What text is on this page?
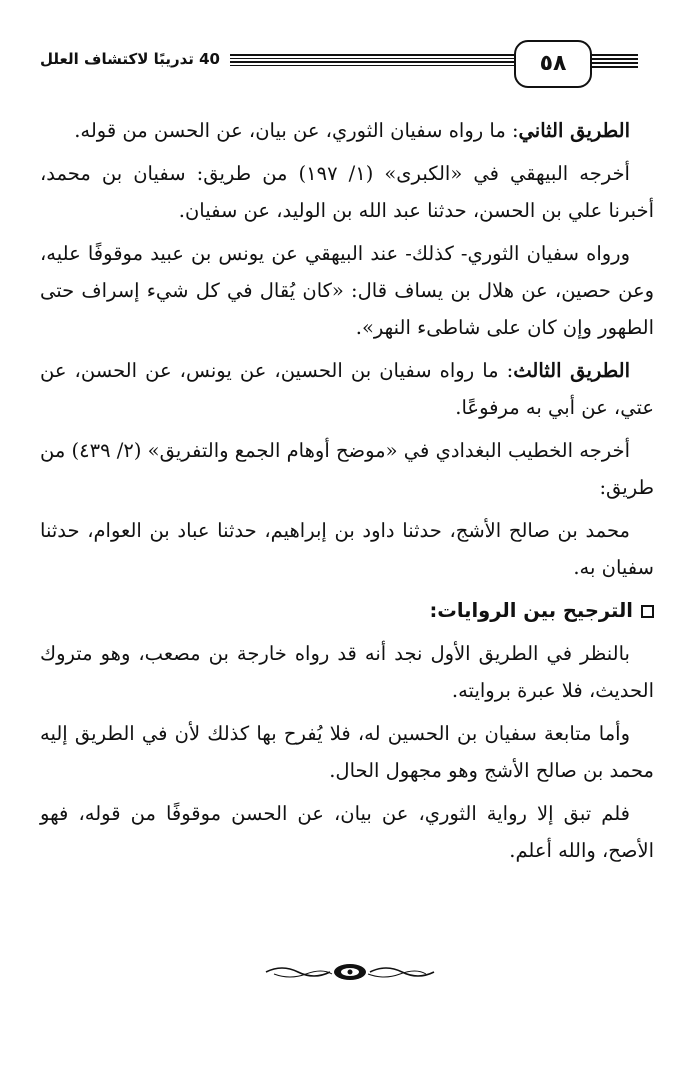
40 تدريبًا لاكتشاف العلل	٥٨

الطريق الثاني: ما رواه سفيان الثوري، عن بيان، عن الحسن من قوله.

أخرجه البيهقي في «الكبرى» (١/ ١٩٧) من طريق: سفيان بن محمد، أخبرنا علي بن الحسن، حدثنا عبد الله بن الوليد، عن سفيان.

ورواه سفيان الثوري- كذلك- عند البيهقي عن يونس بن عبيد موقوفًا عليه، وعن حصين، عن هلال بن يساف قال: «كان يُقال في كل شيء إسراف حتى الطهور وإن كان على شاطىء النهر».

الطريق الثالث: ما رواه سفيان بن الحسين، عن يونس، عن الحسن، عن عتي، عن أبي به مرفوعًا.

أخرجه الخطيب البغدادي في «موضح أوهام الجمع والتفريق» (٢/ ٤٣٩) من طريق:

محمد بن صالح الأشج، حدثنا داود بن إبراهيم، حدثنا عباد بن العوام، حدثنا سفيان به.

الترجيح بين الروايات:

بالنظر في الطريق الأول نجد أنه قد رواه خارجة بن مصعب، وهو متروك الحديث، فلا عبرة بروايته.

وأما متابعة سفيان بن الحسين له، فلا يُفرح بها كذلك لأن في الطريق إليه محمد بن صالح الأشج وهو مجهول الحال.

فلم تبق إلا رواية الثوري، عن بيان، عن الحسن موقوفًا من قوله، فهو الأصح، والله أعلم.
